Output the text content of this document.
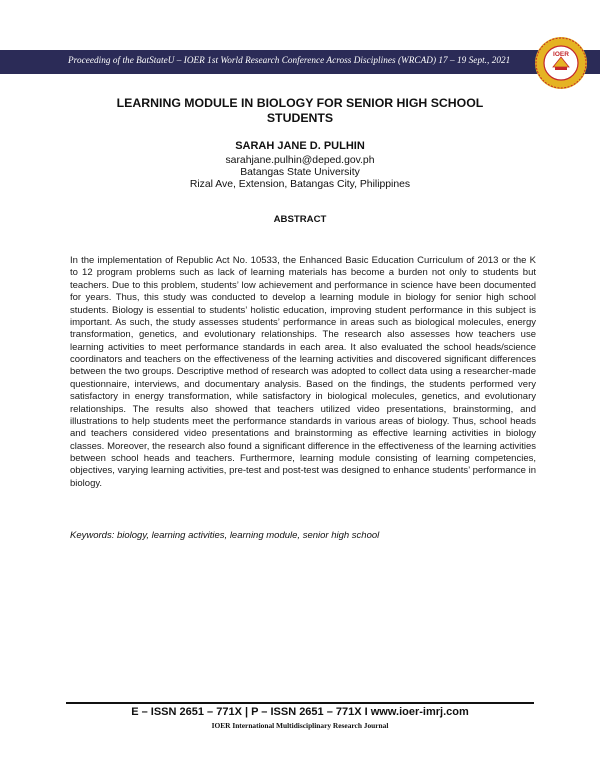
Proceeding of the BatStateU – IOER 1st World Research Conference Across Disciplines (WRCAD) 17 – 19 Sept., 2021
IOER
LEARNING MODULE IN BIOLOGY FOR SENIOR HIGH SCHOOL
STUDENTS
SARAH JANE D. PULHIN
sarahjane.pulhin@deped.gov.ph
Batangas State University
Rizal Ave, Extension, Batangas City, Philippines
ABSTRACT

In the implementation of Republic Act No. 10533, the Enhanced Basic Education Curriculum of 2013 or the K to 12 program problems such as lack of learning materials has become a burden not only to students but teachers. Due to this problem, students’ low achievement and performance in science have been documented for years. Thus, this study was conducted to develop a learning module in biology for senior high school students. Biology is essential to students’ holistic education, improving student performance in this subject is important. As such, the study assesses students’ performance in areas such as biological molecules, energy transformation, genetics, and evolutionary relationships. The research also assesses how teachers use learning activities to meet performance standards in each area. It also evaluated the school heads/science coordinators and teachers on the effectiveness of the learning activities and discovered significant differences between the two groups. Descriptive method of research was adopted to collect data using a researcher-made questionnaire, interviews, and documentary analysis. Based on the findings, the students performed very satisfactory in energy transformation, while satisfactory in biological molecules, genetics, and evolutionary relationships. The results also showed that teachers utilized video presentations, brainstorming, and illustrations to help students meet the performance standards in various areas of biology. Thus, school heads and teachers considered video presentations and brainstorming as effective learning activities in biology classes. Moreover, the research also found a significant difference in the effectiveness of the learning activities between school heads and teachers. Furthermore, learning module consisting of learning competencies, objectives, varying learning activities, pre-test and post-test was designed to enhance students’ performance in biology.

Keywords: biology, learning activities, learning module, senior high school
E – ISSN 2651 – 771X | P – ISSN 2651 – 771X I www.ioer-imrj.com
IOER International Multidisciplinary Research Journal
